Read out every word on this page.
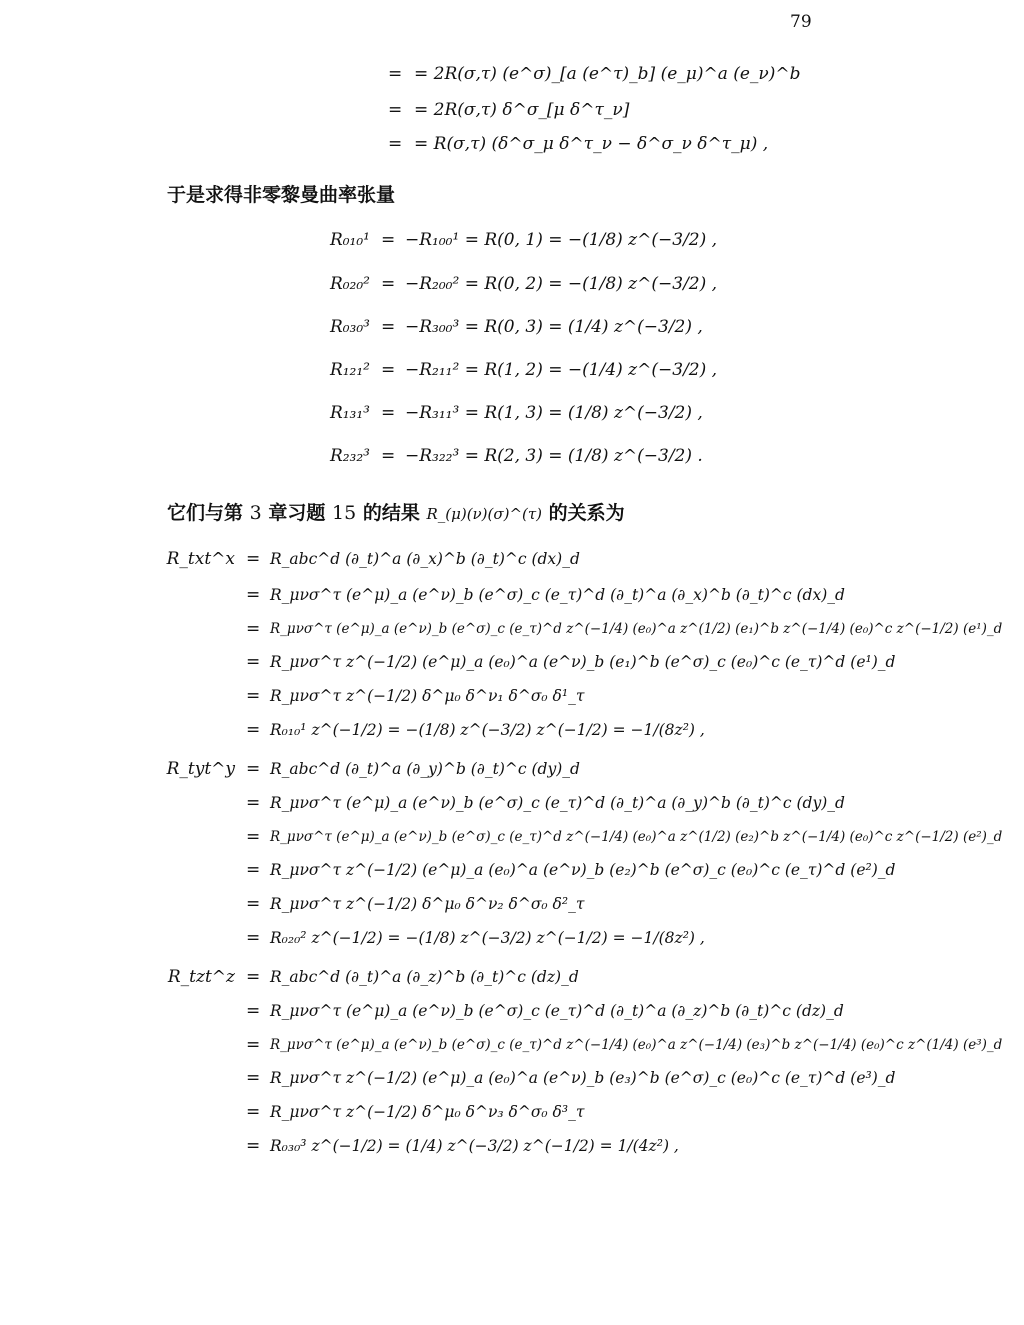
79
= = 2R(σ,τ) (e^σ)_[a (e^τ)_b] (e_μ)^a (e_ν)^b
= = 2R(σ,τ) δ^σ_[μ δ^τ_ν]
= = R(σ,τ) (δ^σ_μ δ^τ_ν − δ^σ_ν δ^τ_μ) ,
于是求得非零黎曼曲率张量
R₀₁₀¹ = −R₁₀₀¹ = R(0, 1) = −(1/8) z^(−3/2) ,
R₀₂₀² = −R₂₀₀² = R(0, 2) = −(1/8) z^(−3/2) ,
R₀₃₀³ = −R₃₀₀³ = R(0, 3) = (1/4) z^(−3/2) ,
R₁₂₁² = −R₂₁₁² = R(1, 2) = −(1/4) z^(−3/2) ,
R₁₃₁³ = −R₃₁₁³ = R(1, 3) = (1/8) z^(−3/2) ,
R₂₃₂³ = −R₃₂₂³ = R(2, 3) = (1/8) z^(−3/2) .
它们与第 3 章习题 15 的结果 R_(μ)(ν)(σ)^(τ) 的关系为
R_txt^x = R_abc^d (∂_t)^a (∂_x)^b (∂_t)^c (dx)_d
= R_μνσ^τ (e^μ)_a (e^ν)_b (e^σ)_c (e_τ)^d (∂_t)^a (∂_x)^b (∂_t)^c (dx)_d
= R_μνσ^τ (e^μ)_a (e^ν)_b (e^σ)_c (e_τ)^d z^(−1/4) (e₀)^a z^(1/2) (e₁)^b z^(−1/4) (e₀)^c z^(−1/2) (e¹)_d
= R_μνσ^τ z^(−1/2) (e^μ)_a (e₀)^a (e^ν)_b (e₁)^b (e^σ)_c (e₀)^c (e_τ)^d (e¹)_d
= R_μνσ^τ z^(−1/2) δ^μ₀ δ^ν₁ δ^σ₀ δ¹_τ
= R₀₁₀¹ z^(−1/2) = −(1/8) z^(−3/2) z^(−1/2) = −1/(8z²) ,
R_tyt^y = R_abc^d (∂_t)^a (∂_y)^b (∂_t)^c (dy)_d
= R_μνσ^τ (e^μ)_a (e^ν)_b (e^σ)_c (e_τ)^d (∂_t)^a (∂_y)^b (∂_t)^c (dy)_d
= R_μνσ^τ (e^μ)_a (e^ν)_b (e^σ)_c (e_τ)^d z^(−1/4) (e₀)^a z^(1/2) (e₂)^b z^(−1/4) (e₀)^c z^(−1/2) (e²)_d
= R_μνσ^τ z^(−1/2) (e^μ)_a (e₀)^a (e^ν)_b (e₂)^b (e^σ)_c (e₀)^c (e_τ)^d (e²)_d
= R_μνσ^τ z^(−1/2) δ^μ₀ δ^ν₂ δ^σ₀ δ²_τ
= R₀₂₀² z^(−1/2) = −(1/8) z^(−3/2) z^(−1/2) = −1/(8z²) ,
R_tzt^z = R_abc^d (∂_t)^a (∂_z)^b (∂_t)^c (dz)_d
= R_μνσ^τ (e^μ)_a (e^ν)_b (e^σ)_c (e_τ)^d (∂_t)^a (∂_z)^b (∂_t)^c (dz)_d
= R_μνσ^τ (e^μ)_a (e^ν)_b (e^σ)_c (e_τ)^d z^(−1/4) (e₀)^a z^(−1/4) (e₃)^b z^(−1/4) (e₀)^c z^(1/4) (e³)_d
= R_μνσ^τ z^(−1/2) (e^μ)_a (e₀)^a (e^ν)_b (e₃)^b (e^σ)_c (e₀)^c (e_τ)^d (e³)_d
= R_μνσ^τ z^(−1/2) δ^μ₀ δ^ν₃ δ^σ₀ δ³_τ
= R₀₃₀³ z^(−1/2) = (1/4) z^(−3/2) z^(−1/2) = 1/(4z²) ,
